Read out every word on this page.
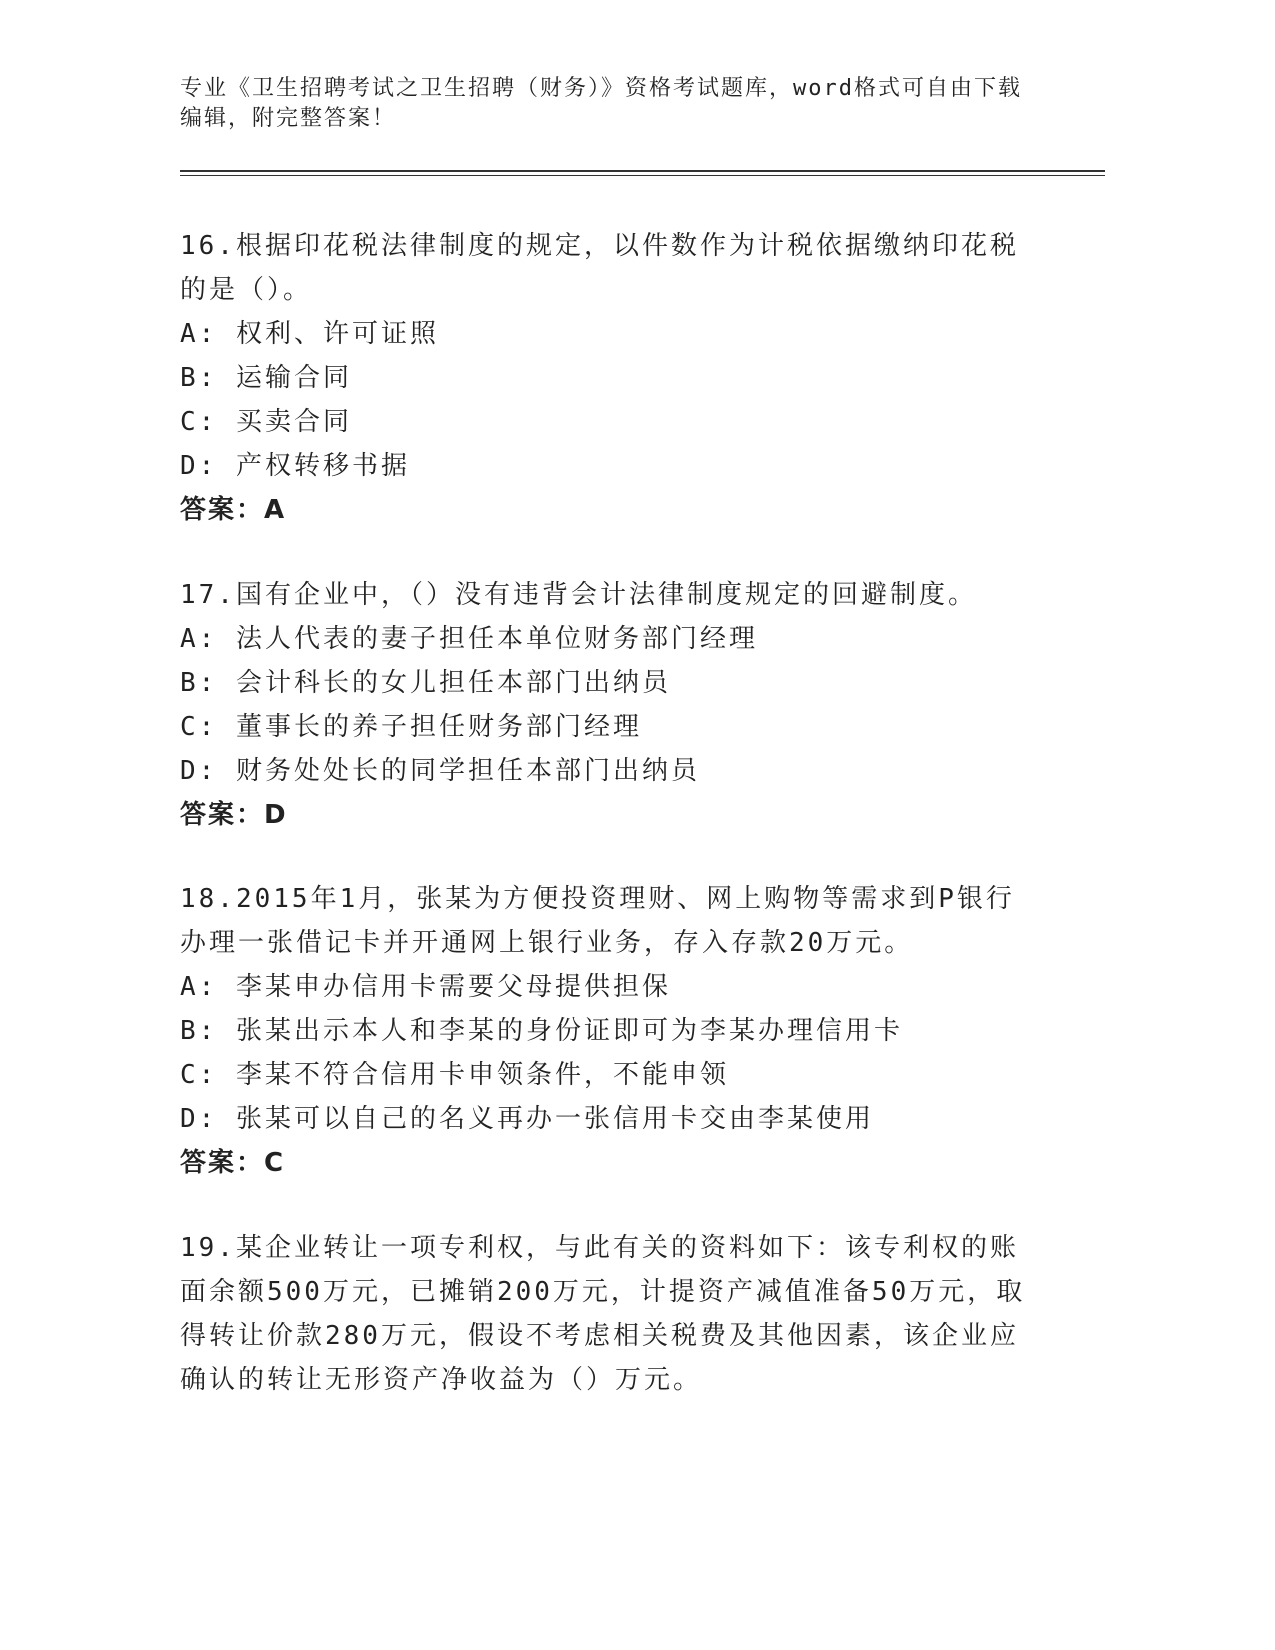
专业《卫生招聘考试之卫生招聘（财务）》资格考试题库，word格式可自由下载编辑，附完整答案！
16.根据印花税法律制度的规定，以件数作为计税依据缴纳印花税的是（）。
A: 权利、许可证照
B: 运输合同
C: 买卖合同
D: 产权转移书据
答案：A
17.国有企业中，（）没有违背会计法律制度规定的回避制度。
A: 法人代表的妻子担任本单位财务部门经理
B: 会计科长的女儿担任本部门出纳员
C: 董事长的养子担任财务部门经理
D: 财务处处长的同学担任本部门出纳员
答案：D
18.2015年1月，张某为方便投资理财、网上购物等需求到P银行办理一张借记卡并开通网上银行业务，存入存款20万元。
A: 李某申办信用卡需要父母提供担保
B: 张某出示本人和李某的身份证即可为李某办理信用卡
C: 李某不符合信用卡申领条件，不能申领
D: 张某可以自己的名义再办一张信用卡交由李某使用
答案：C
19.某企业转让一项专利权，与此有关的资料如下：该专利权的账面余额500万元，已摊销200万元，计提资产减值准备50万元，取得转让价款280万元，假设不考虑相关税费及其他因素，该企业应确认的转让无形资产净收益为（）万元。
